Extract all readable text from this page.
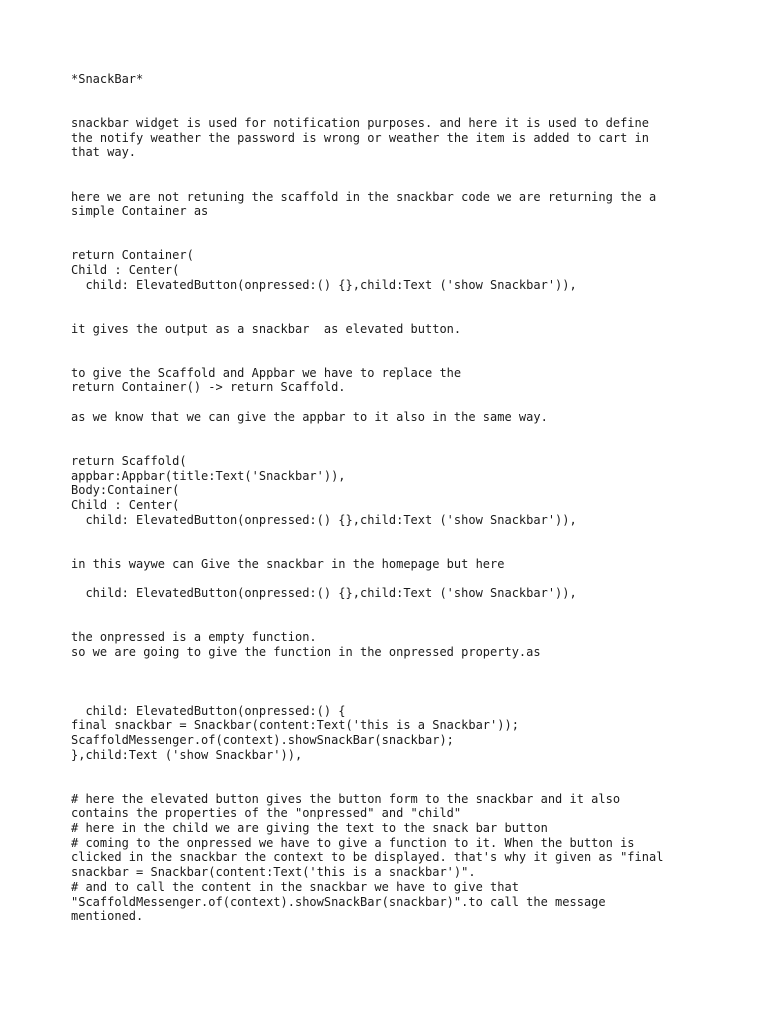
*SnackBar*
snackbar widget is used for notification purposes. and here it is used to define
the notify weather the password is wrong or weather the item is added to cart in
that way.
here we are not retuning the scaffold in the snackbar code we are returning the a
simple Container as
return Container(
Child : Center(
child: ElevatedButton(onpressed:() {},child:Text ('show Snackbar')),
it gives the output as a snackbar  as elevated button.
to give the Scaffold and Appbar we have to replace the
return Container() -> return Scaffold.
as we know that we can give the appbar to it also in the same way.
return Scaffold(
appbar:Appbar(title:Text('Snackbar')),
Body:Container(
Child : Center(
child: ElevatedButton(onpressed:() {},child:Text ('show Snackbar')),
in this waywe can Give the snackbar in the homepage but here
child: ElevatedButton(onpressed:() {},child:Text ('show Snackbar')),
the onpressed is a empty function.
so we are going to give the function in the onpressed property.as
child: ElevatedButton(onpressed:() {
final snackbar = Snackbar(content:Text('this is a Snackbar'));
ScaffoldMessenger.of(context).showSnackBar(snackbar);
},child:Text ('show Snackbar')),
# here the elevated button gives the button form to the snackbar and it also
contains the properties of the "onpressed" and "child"
# here in the child we are giving the text to the snack bar button
# coming to the onpressed we have to give a function to it. When the button is
clicked in the snackbar the context to be displayed. that's why it given as "final
snackbar = Snackbar(content:Text('this is a snackbar')".
# and to call the content in the snackbar we have to give that
"ScaffoldMessenger.of(context).showSnackBar(snackbar)".to call the message
mentioned.
